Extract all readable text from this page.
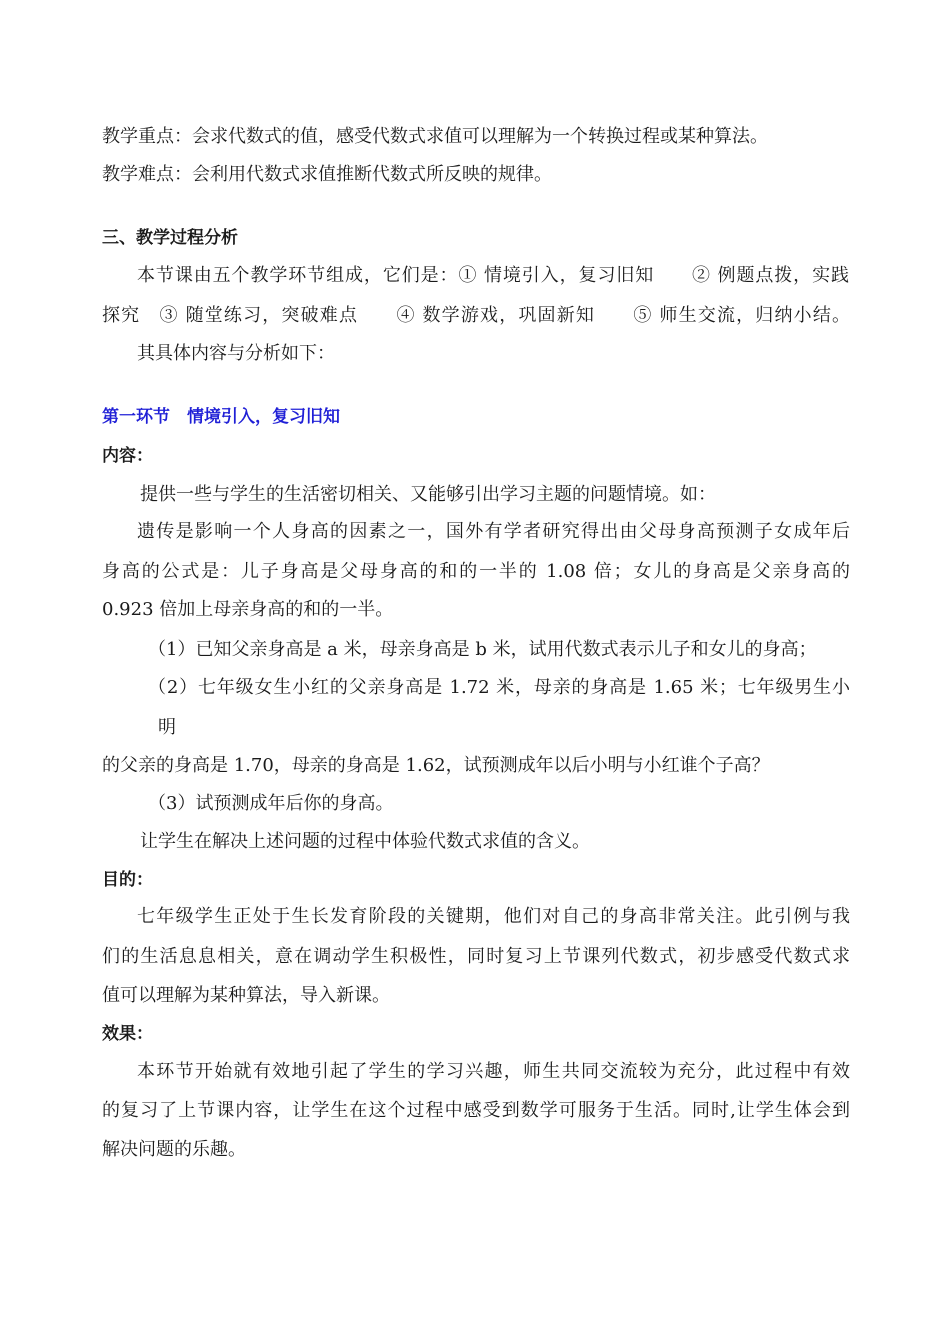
教学重点：会求代数式的值，感受代数式求值可以理解为一个转换过程或某种算法。
教学难点：会利用代数式求值推断代数式所反映的规律。
三、教学过程分析
本节课由五个教学环节组成，它们是：① 情境引入，复习旧知　　② 例题点拨，实践
探究　③ 随堂练习，突破难点　　④ 数学游戏，巩固新知　　⑤ 师生交流，归纳小结。
其具体内容与分析如下：
第一环节　情境引入，复习旧知
内容：
提供一些与学生的生活密切相关、又能够引出学习主题的问题情境。如：
遗传是影响一个人身高的因素之一，国外有学者研究得出由父母身高预测子女成年后
身高的公式是：儿子身高是父母身高的和的一半的 1.08 倍；女儿的身高是父亲身高的
0.923 倍加上母亲身高的和的一半。
（1）已知父亲身高是 a 米，母亲身高是 b 米，试用代数式表示儿子和女儿的身高；
（2）七年级女生小红的父亲身高是 1.72 米，母亲的身高是 1.65 米；七年级男生小
明
的父亲的身高是 1.70，母亲的身高是 1.62，试预测成年以后小明与小红谁个子高？
（3）试预测成年后你的身高。
让学生在解决上述问题的过程中体验代数式求值的含义。
目的：
七年级学生正处于生长发育阶段的关键期，他们对自己的身高非常关注。此引例与我
们的生活息息相关，意在调动学生积极性，同时复习上节课列代数式，初步感受代数式求
值可以理解为某种算法，导入新课。
效果：
本环节开始就有效地引起了学生的学习兴趣，师生共同交流较为充分，此过程中有效
的复习了上节课内容，让学生在这个过程中感受到数学可服务于生活。同时,让学生体会到
解决问题的乐趣。
